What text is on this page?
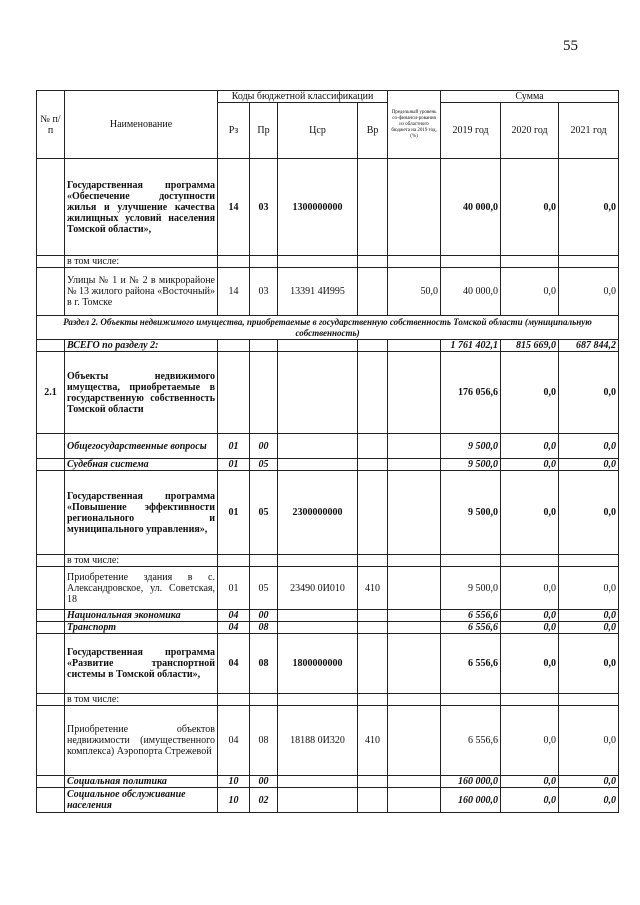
55
№ п/п	Наименование	Коды бюджетной классификации				Предельный уровень со-финанси-рования из областного бюджета на 2019 год, (%)	Сумма		
		Рз	Пр	Цср	Вр		2019 год	2020 год	2021 год
	Государственная программа «Обеспечение доступности жилья и улучшение качества жилищных условий населения Томской области»,	14	03	1300000000			40 000,0	0,0	0,0
	в том числе:								
	Улицы № 1 и № 2 в микрорайоне № 13 жилого района «Восточный» в г. Томске	14	03	13391 4И995		50,0	40 000,0	0,0	0,0
Раздел 2. Объекты недвижимого имущества, приобретаемые в государственную собственность Томской области (муниципальную собственность)									
	ВСЕГО по разделу 2:						1 761 402,1	815 669,0	687 844,2
2.1	Объекты недвижимого имущества, приобретаемые в государственную собственность Томской области						176 056,6	0,0	0,0
	Общегосударственные вопросы	01	00				9 500,0	0,0	0,0
	Судебная система	01	05				9 500,0	0,0	0,0
	Государственная программа «Повышение эффективности регионального и муниципального управления»,	01	05	2300000000			9 500,0	0,0	0,0
	в том числе:								
	Приобретение здания в с. Александровское, ул. Советская, 18	01	05	23490 0И010	410		9 500,0	0,0	0,0
	Национальная экономика	04	00				6 556,6	0,0	0,0
	Транспорт	04	08				6 556,6	0,0	0,0
	Государственная программа «Развитие транспортной системы в Томской области»,	04	08	1800000000			6 556,6	0,0	0,0
	в том числе:								
	Приобретение объектов недвижимости (имущественного комплекса) Аэропорта Стрежевой	04	08	18188 0И320	410		6 556,6	0,0	0,0
	Социальная политика	10	00				160 000,0	0,0	0,0
	Социальное обслуживание населения	10	02				160 000,0	0,0	0,0
